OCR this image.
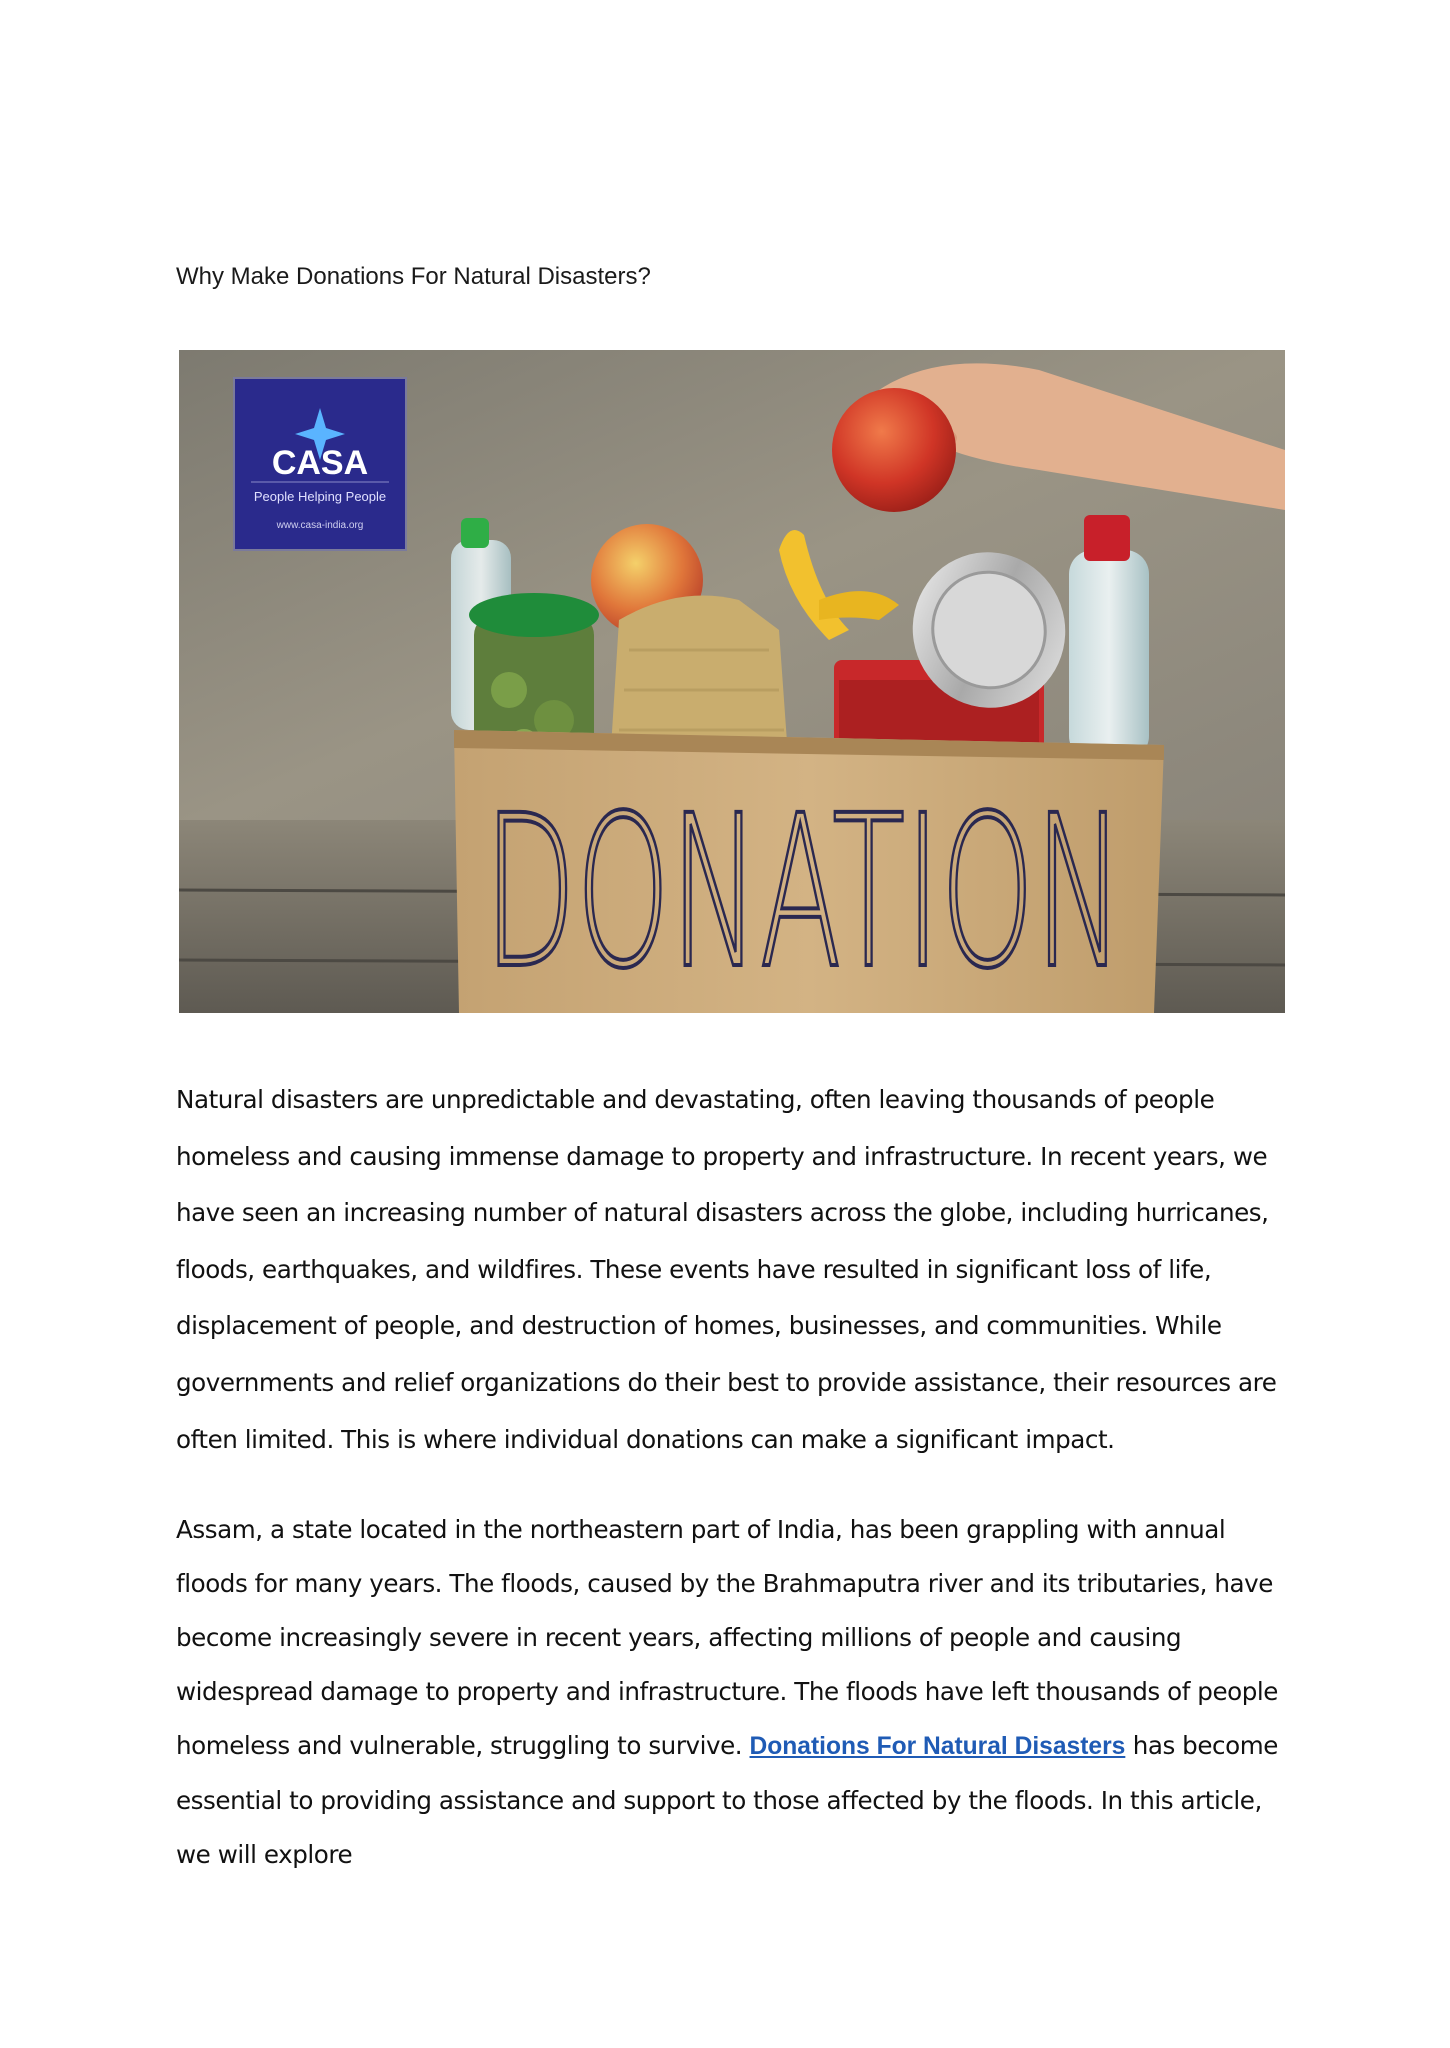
Why Make Donations For Natural Disasters?
CASA
People Helping People
www.casa-india.org
DONATION

Natural disasters are unpredictable and devastating, often leaving thousands of people homeless and causing immense damage to property and infrastructure. In recent years, we have seen an increasing number of natural disasters across the globe, including hurricanes, floods, earthquakes, and wildfires. These events have resulted in significant loss of life, displacement of people, and destruction of homes, businesses, and communities. While governments and relief organizations do their best to provide assistance, their resources are often limited. This is where individual donations can make a significant impact.

Assam, a state located in the northeastern part of India, has been grappling with annual floods for many years. The floods, caused by the Brahmaputra river and its tributaries, have become increasingly severe in recent years, affecting millions of people and causing widespread damage to property and infrastructure. The floods have left thousands of people homeless and vulnerable, struggling to survive. Donations For Natural Disasters has become essential to providing assistance and support to those affected by the floods. In this article, we will explore
